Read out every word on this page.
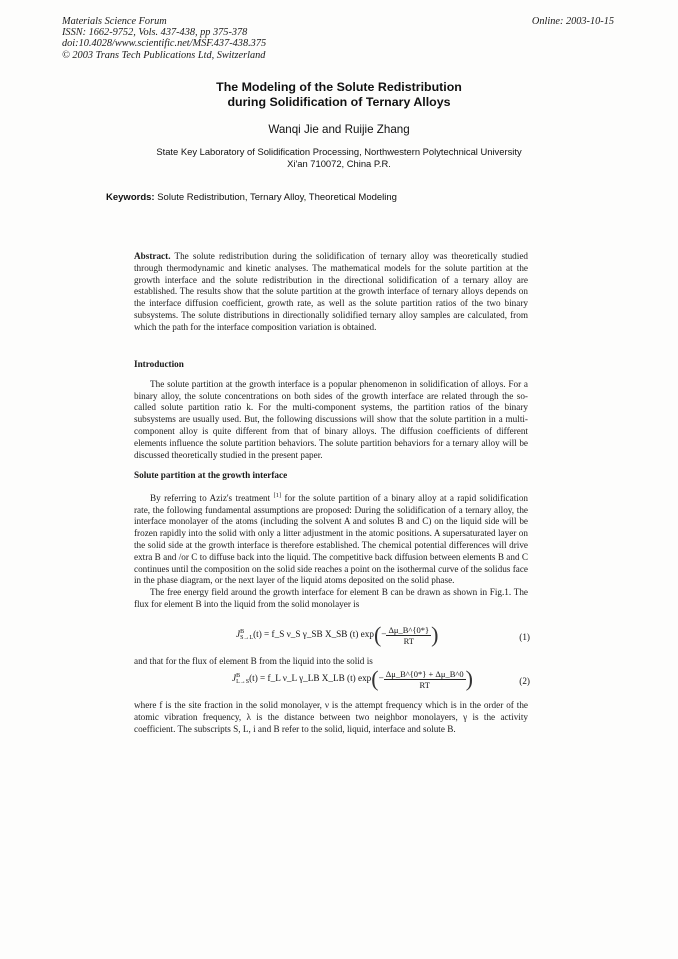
Materials Science Forum
ISSN: 1662-9752, Vols. 437-438, pp 375-378
doi:10.4028/www.scientific.net/MSF.437-438.375
© 2003 Trans Tech Publications Ltd, Switzerland
Online: 2003-10-15
The Modeling of the Solute Redistribution
during Solidification of Ternary Alloys
Wanqi Jie and Ruijie Zhang
State Key Laboratory of Solidification Processing, Northwestern Polytechnical University
Xi'an 710072, China P.R.
Keywords: Solute Redistribution, Ternary Alloy, Theoretical Modeling

Abstract. The solute redistribution during the solidification of ternary alloy was theoretically studied through thermodynamic and kinetic analyses. The mathematical models for the solute partition at the growth interface and the solute redistribution in the directional solidification of a ternary alloy are established. The results show that the solute partition at the growth interface of ternary alloys depends on the interface diffusion coefficient, growth rate, as well as the solute partition ratios of the two binary subsystems. The solute distributions in directionally solidified ternary alloy samples are calculated, from which the path for the interface composition variation is obtained.

Introduction

The solute partition at the growth interface is a popular phenomenon in solidification of alloys. For a binary alloy, the solute concentrations on both sides of the growth interface are related through the so-called solute partition ratio k. For the multi-component systems, the partition ratios of the binary subsystems are usually used. But, the following discussions will show that the solute partition in a multi-component alloy is quite different from that of binary alloys. The diffusion coefficients of different elements influence the solute partition behaviors. The solute partition behaviors for a ternary alloy will be discussed theoretically studied in the present paper.

Solute partition at the growth interface

By referring to Aziz's treatment [1] for the solute partition of a binary alloy at a rapid solidification rate, the following fundamental assumptions are proposed: During the solidification of a ternary alloy, the interface monolayer of the atoms (including the solvent A and solutes B and C) on the liquid side will be frozen rapidly into the solid with only a litter adjustment in the atomic positions. A supersaturated layer on the solid side at the growth interface is therefore established. The chemical potential differences will drive extra B and /or C to diffuse back into the liquid. The competitive back diffusion between elements B and C continues until the composition on the solid side reaches a point on the isothermal curve of the solidus face in the phase diagram, or the next layer of the liquid atoms deposited on the solid phase.

The free energy field around the growth interface for element B can be drawn as shown in Fig.1. The flux for element B into the liquid from the solid monolayer is

J B
S→L (t) = f_S ν_S γ_SB X_SB (t) $\exp(- \frac{\Delta\mu\_B\^{}\{0*\}}{RT}$ )	(1)

and that for the flux of element B from the liquid into the solid is

J B
L→S (t) = f_L ν_L γ_LB X_LB (t) $\exp(- \frac{\Delta\mu\_B\^{}\{0*\} + \Delta\mu\_B\^{}0}{RT}$ )	(2)

where f is the site fraction in the solid monolayer, ν is the attempt frequency which is in the order of the atomic vibration frequency, λ is the distance between two neighbor monolayers, γ is the activity coefficient. The subscripts S, L, i and B refer to the solid, liquid, interface and solute B.
